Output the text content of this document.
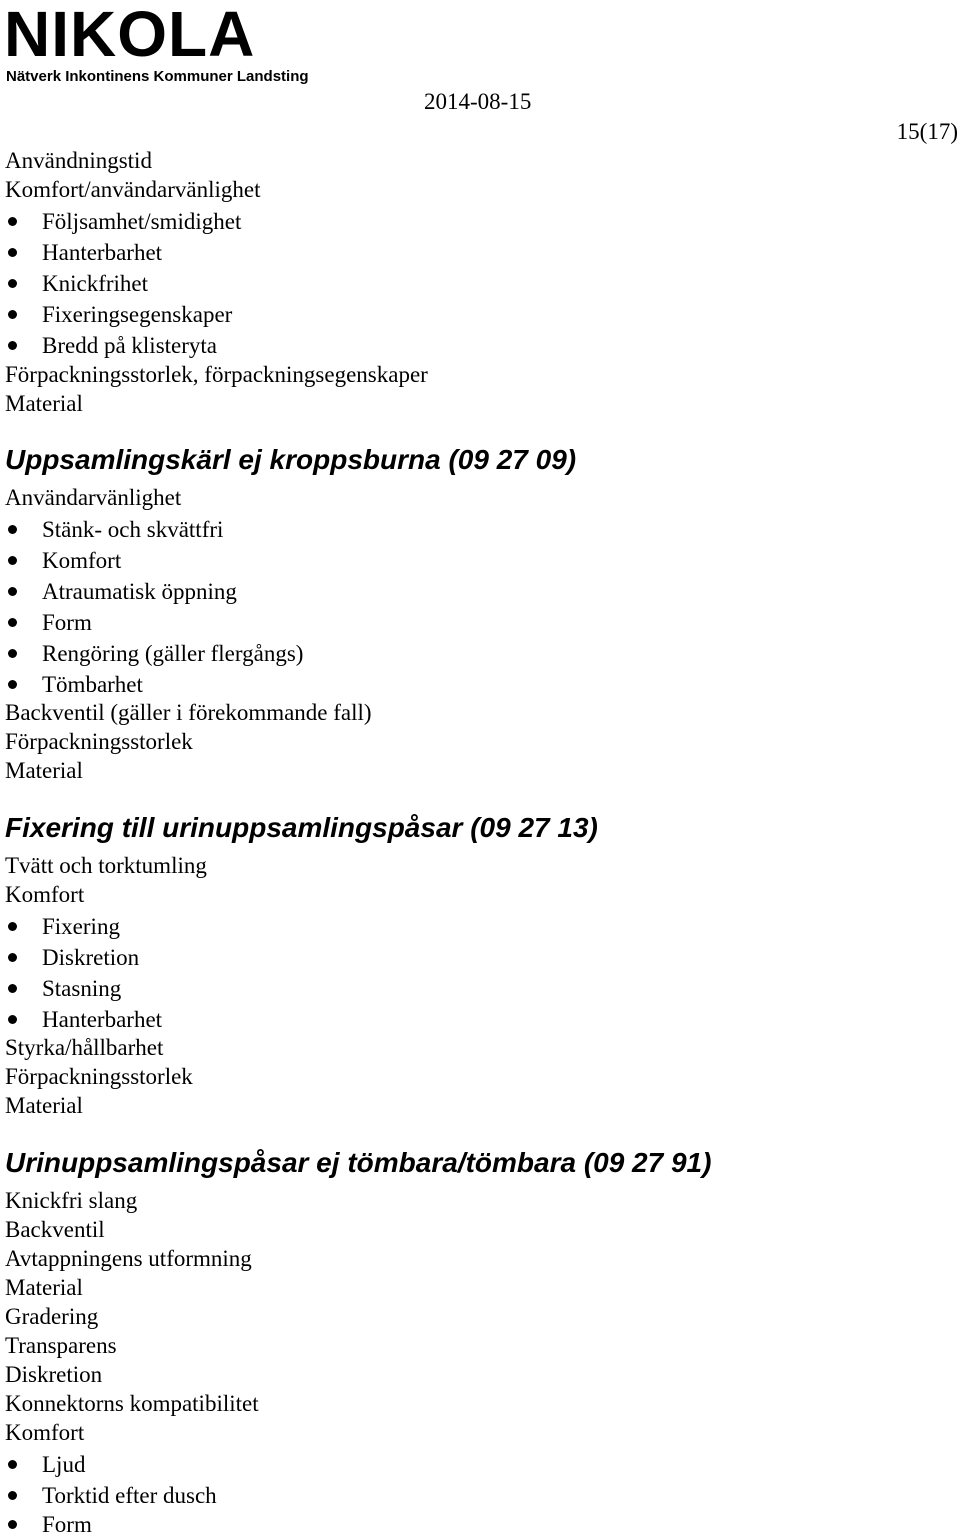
NIKOLA
Nätverk Inkontinens Kommuner Landsting
2014-08-15
15(17)
Användningstid
Komfort/användarvänlighet
Följsamhet/smidighet
Hanterbarhet
Knickfrihet
Fixeringsegenskaper
Bredd på klisteryta
Förpackningsstorlek, förpackningsegenskaper
Material
Uppsamlingskärl ej kroppsburna (09 27 09)
Användarvänlighet
Stänk- och skvättfri
Komfort
Atraumatisk öppning
Form
Rengöring (gäller flergångs)
Tömbarhet
Backventil (gäller i förekommande fall)
Förpackningsstorlek
Material
Fixering till urinuppsamlingspåsar (09 27 13)
Tvätt och torktumling
Komfort
Fixering
Diskretion
Stasning
Hanterbarhet
Styrka/hållbarhet
Förpackningsstorlek
Material
Urinuppsamlingspåsar ej tömbara/tömbara (09 27 91)
Knickfri slang
Backventil
Avtappningens utformning
Material
Gradering
Transparens
Diskretion
Konnektorns kompatibilitet
Komfort
Ljud
Torktid efter dusch
Form
